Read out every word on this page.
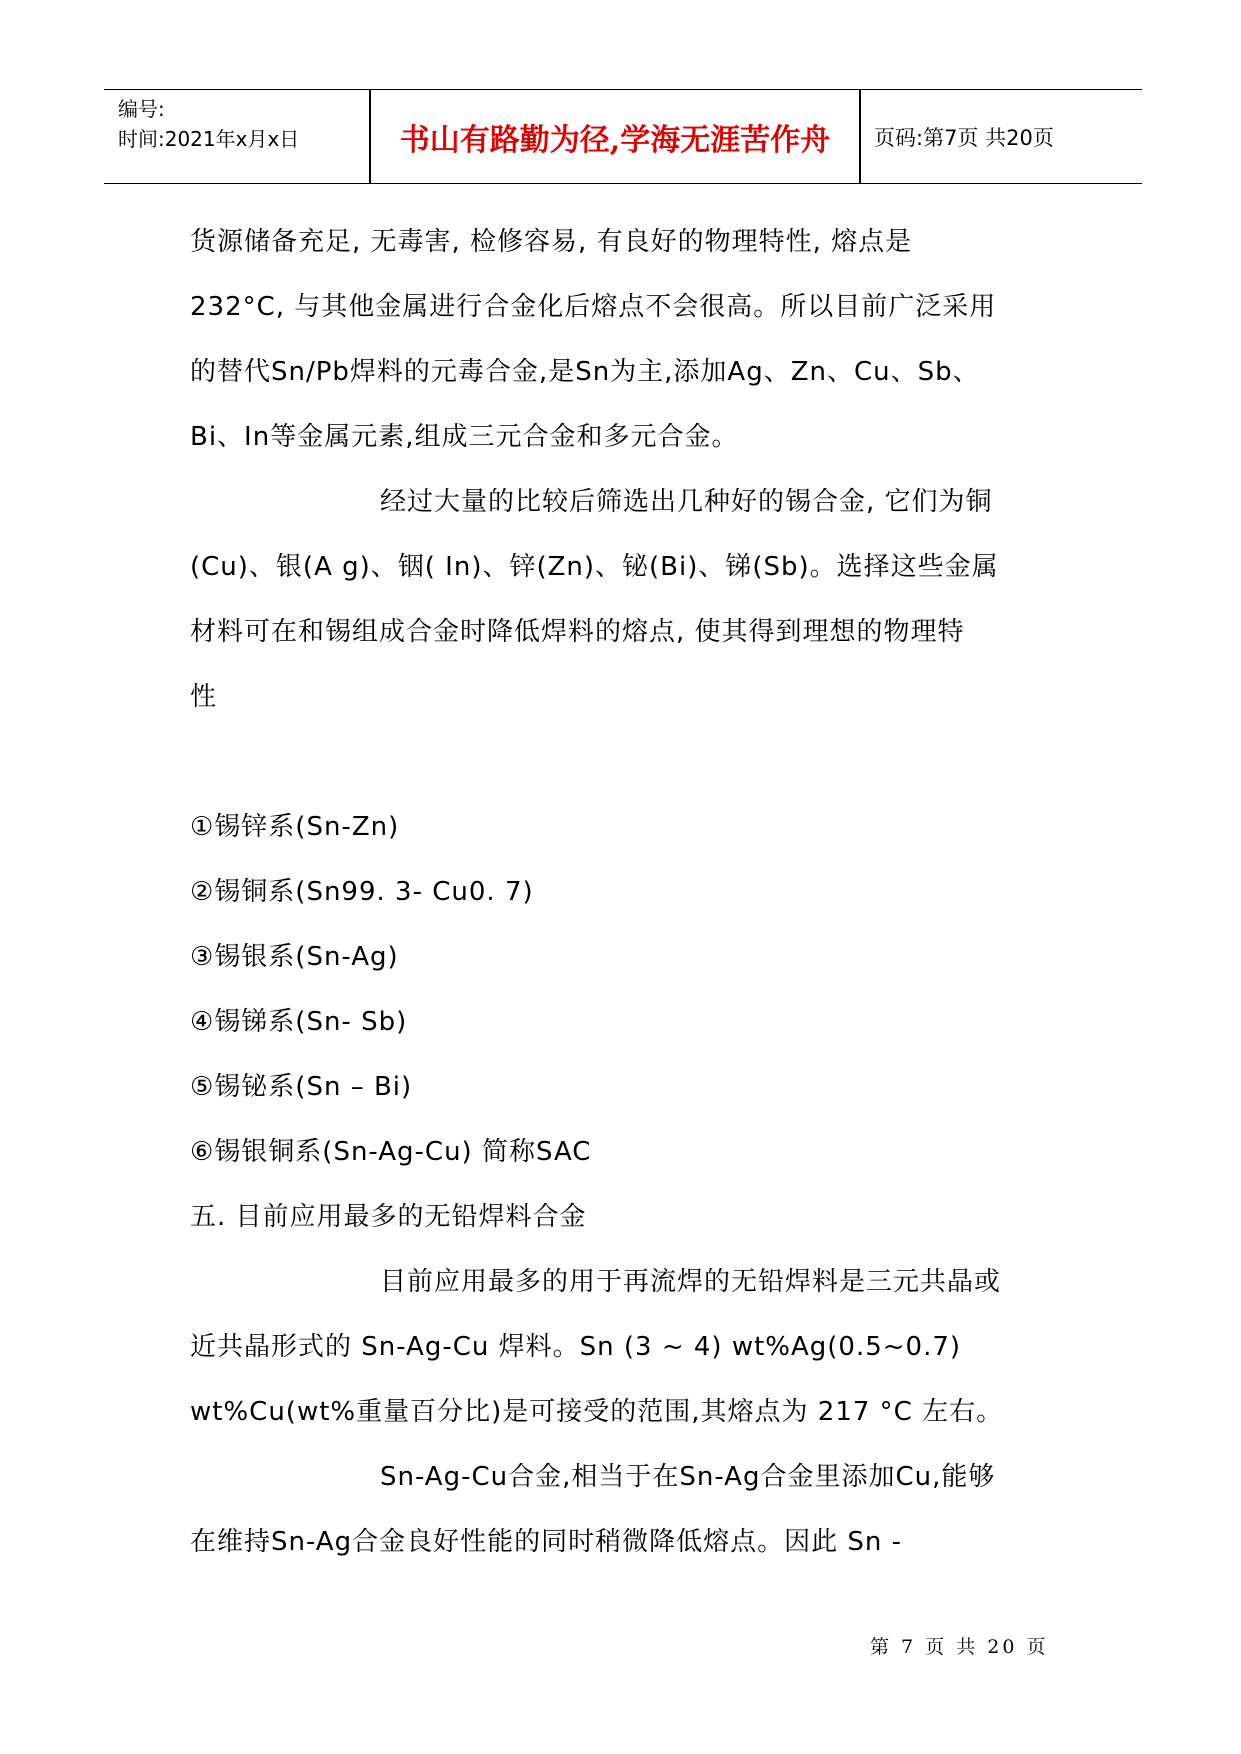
编号:
时间:2021年x月x日	书山有路勤为径,学海无涯苦作舟	页码:第7页 共20页

货源储备充足, 无毒害, 检修容易, 有良好的物理特性, 熔点是

232°C, 与其他金属进行合金化后熔点不会很高。所以目前广泛采用

的替代Sn/Pb焊料的元毒合金,是Sn为主,添加Ag、Zn、Cu、Sb、

Bi、In等金属元素,组成三元合金和多元合金。

经过大量的比较后筛选出几种好的锡合金, 它们为铜

(Cu)、银(A g)、铟( In)、锌(Zn)、铋(Bi)、锑(Sb)。选择这些金属

材料可在和锡组成合金时降低焊料的熔点, 使其得到理想的物理特

性

①锡锌系(Sn-Zn)

②锡铜系(Sn99. 3- Cu0. 7)

③锡银系(Sn-Ag)

④锡锑系(Sn- Sb)

⑤锡铋系(Sn – Bi)

⑥锡银铜系(Sn-Ag-Cu) 简称SAC

五. 目前应用最多的无铅焊料合金

目前应用最多的用于再流焊的无铅焊料是三元共晶或

近共晶形式的 Sn-Ag-Cu 焊料。Sn (3 ~ 4) wt%Ag(0.5~0.7)

wt%Cu(wt%重量百分比)是可接受的范围,其熔点为 217 °C 左右。

Sn-Ag-Cu合金,相当于在Sn-Ag合金里添加Cu,能够

在维持Sn-Ag合金良好性能的同时稍微降低熔点。因此 Sn -

第 7 页 共 20 页
